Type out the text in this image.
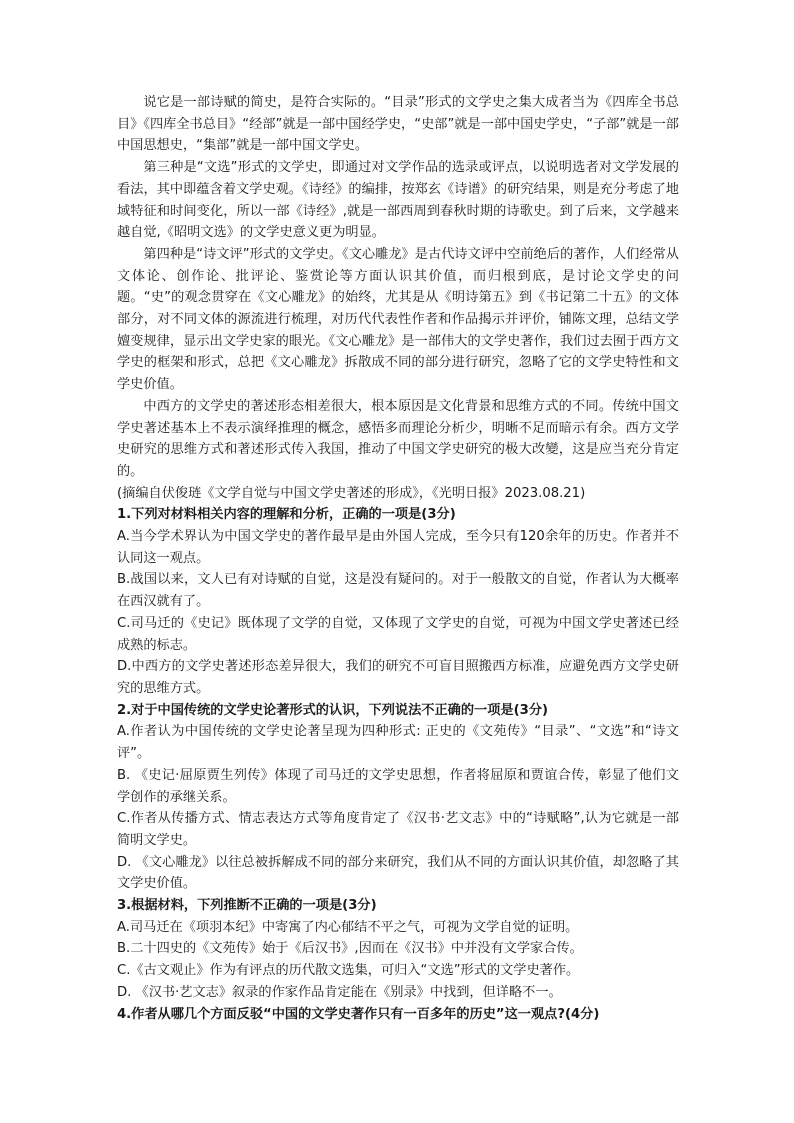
说它是一部诗赋的简史，是符合实际的。“目录”形式的文学史之集大成者当为《四库全书总目》《四库全书总目》“经部”就是一部中国经学史，“史部”就是一部中国史学史，“子部”就是一部中国思想史，“集部”就是一部中国文学史。

第三种是“文选”形式的文学史，即通过对文学作品的选录或评点，以说明选者对文学发展的看法，其中即蕴含着文学史观。《诗经》的编排，按郑玄《诗谱》的研究结果，则是充分考虑了地域特征和时间变化，所以一部《诗经》,就是一部西周到春秋时期的诗歌史。到了后来，文学越来越自觉,《昭明文选》的文学史意义更为明显。

第四种是“诗文评”形式的文学史。《文心雕龙》是古代诗文评中空前绝后的著作，人们经常从文体论、创作论、批评论、鉴赏论等方面认识其价值，而归根到底，是讨论文学史的问题。“史”的观念贯穿在《文心雕龙》的始终，尤其是从《明诗第五》到《书记第二十五》的文体部分，对不同文体的源流进行梳理，对历代代表性作者和作品揭示并评价，铺陈文理，总结文学嬗变规律，显示出文学史家的眼光。《文心雕龙》是一部伟大的文学史著作，我们过去囿于西方文学史的框架和形式，总把《文心雕龙》拆散成不同的部分进行研究，忽略了它的文学史特性和文学史价值。

中西方的文学史的著述形态相差很大，根本原因是文化背景和思维方式的不同。传统中国文学史著述基本上不表示演绎推理的概念，感悟多而理论分析少，明晰不足而暗示有余。西方文学史研究的思维方式和著述形式传入我国，推动了中国文学史研究的极大改變，这是应当充分肯定的。

(摘编自伏俊琏《文学自觉与中国文学史著述的形成》，《光明日报》2023.08.21)

1.下列对材料相关内容的理解和分析，正确的一项是(3分)

A.当今学术界认为中国文学史的著作最早是由外国人完成，至今只有120余年的历史。作者并不认同这一观点。

B.战国以来，文人已有对诗赋的自觉，这是没有疑问的。对于一般散文的自觉，作者认为大概率在西汉就有了。

C.司马迁的《史记》既体现了文学的自觉，又体现了文学史的自觉，可视为中国文学史著述已经成熟的标志。

D.中西方的文学史著述形态差异很大，我们的研究不可盲目照搬西方标准，应避免西方文学史研究的思维方式。

2.对于中国传统的文学史论著形式的认识，下列说法不正确的一项是(3分)

A.作者认为中国传统的文学史论著呈现为四种形式: 正史的《文苑传》“目录”、“文选”和“诗文评”。

B. 《史记·屈原贾生列传》体现了司马迁的文学史思想，作者将屈原和贾谊合传，彰显了他们文学创作的承继关系。

C.作者从传播方式、情志表达方式等角度肯定了《汉书·艺文志》中的“诗赋略”,认为它就是一部简明文学史。

D. 《文心雕龙》以往总被拆解成不同的部分来研究，我们从不同的方面认识其价值，却忽略了其文学史价值。

3.根据材料，下列推断不正确的一项是(3分)

A.司马迁在《项羽本纪》中寄寓了内心郁结不平之气，可视为文学自觉的证明。

B.二十四史的《文苑传》始于《后汉书》,因而在《汉书》中并没有文学家合传。

C.《古文观止》作为有评点的历代散文选集，可归入“文选”形式的文学史著作。

D. 《汉书·艺文志》叙录的作家作品肯定能在《别录》中找到，但详略不一。

4.作者从哪几个方面反驳“中国的文学史著作只有一百多年的历史”这一观点?(4分)
